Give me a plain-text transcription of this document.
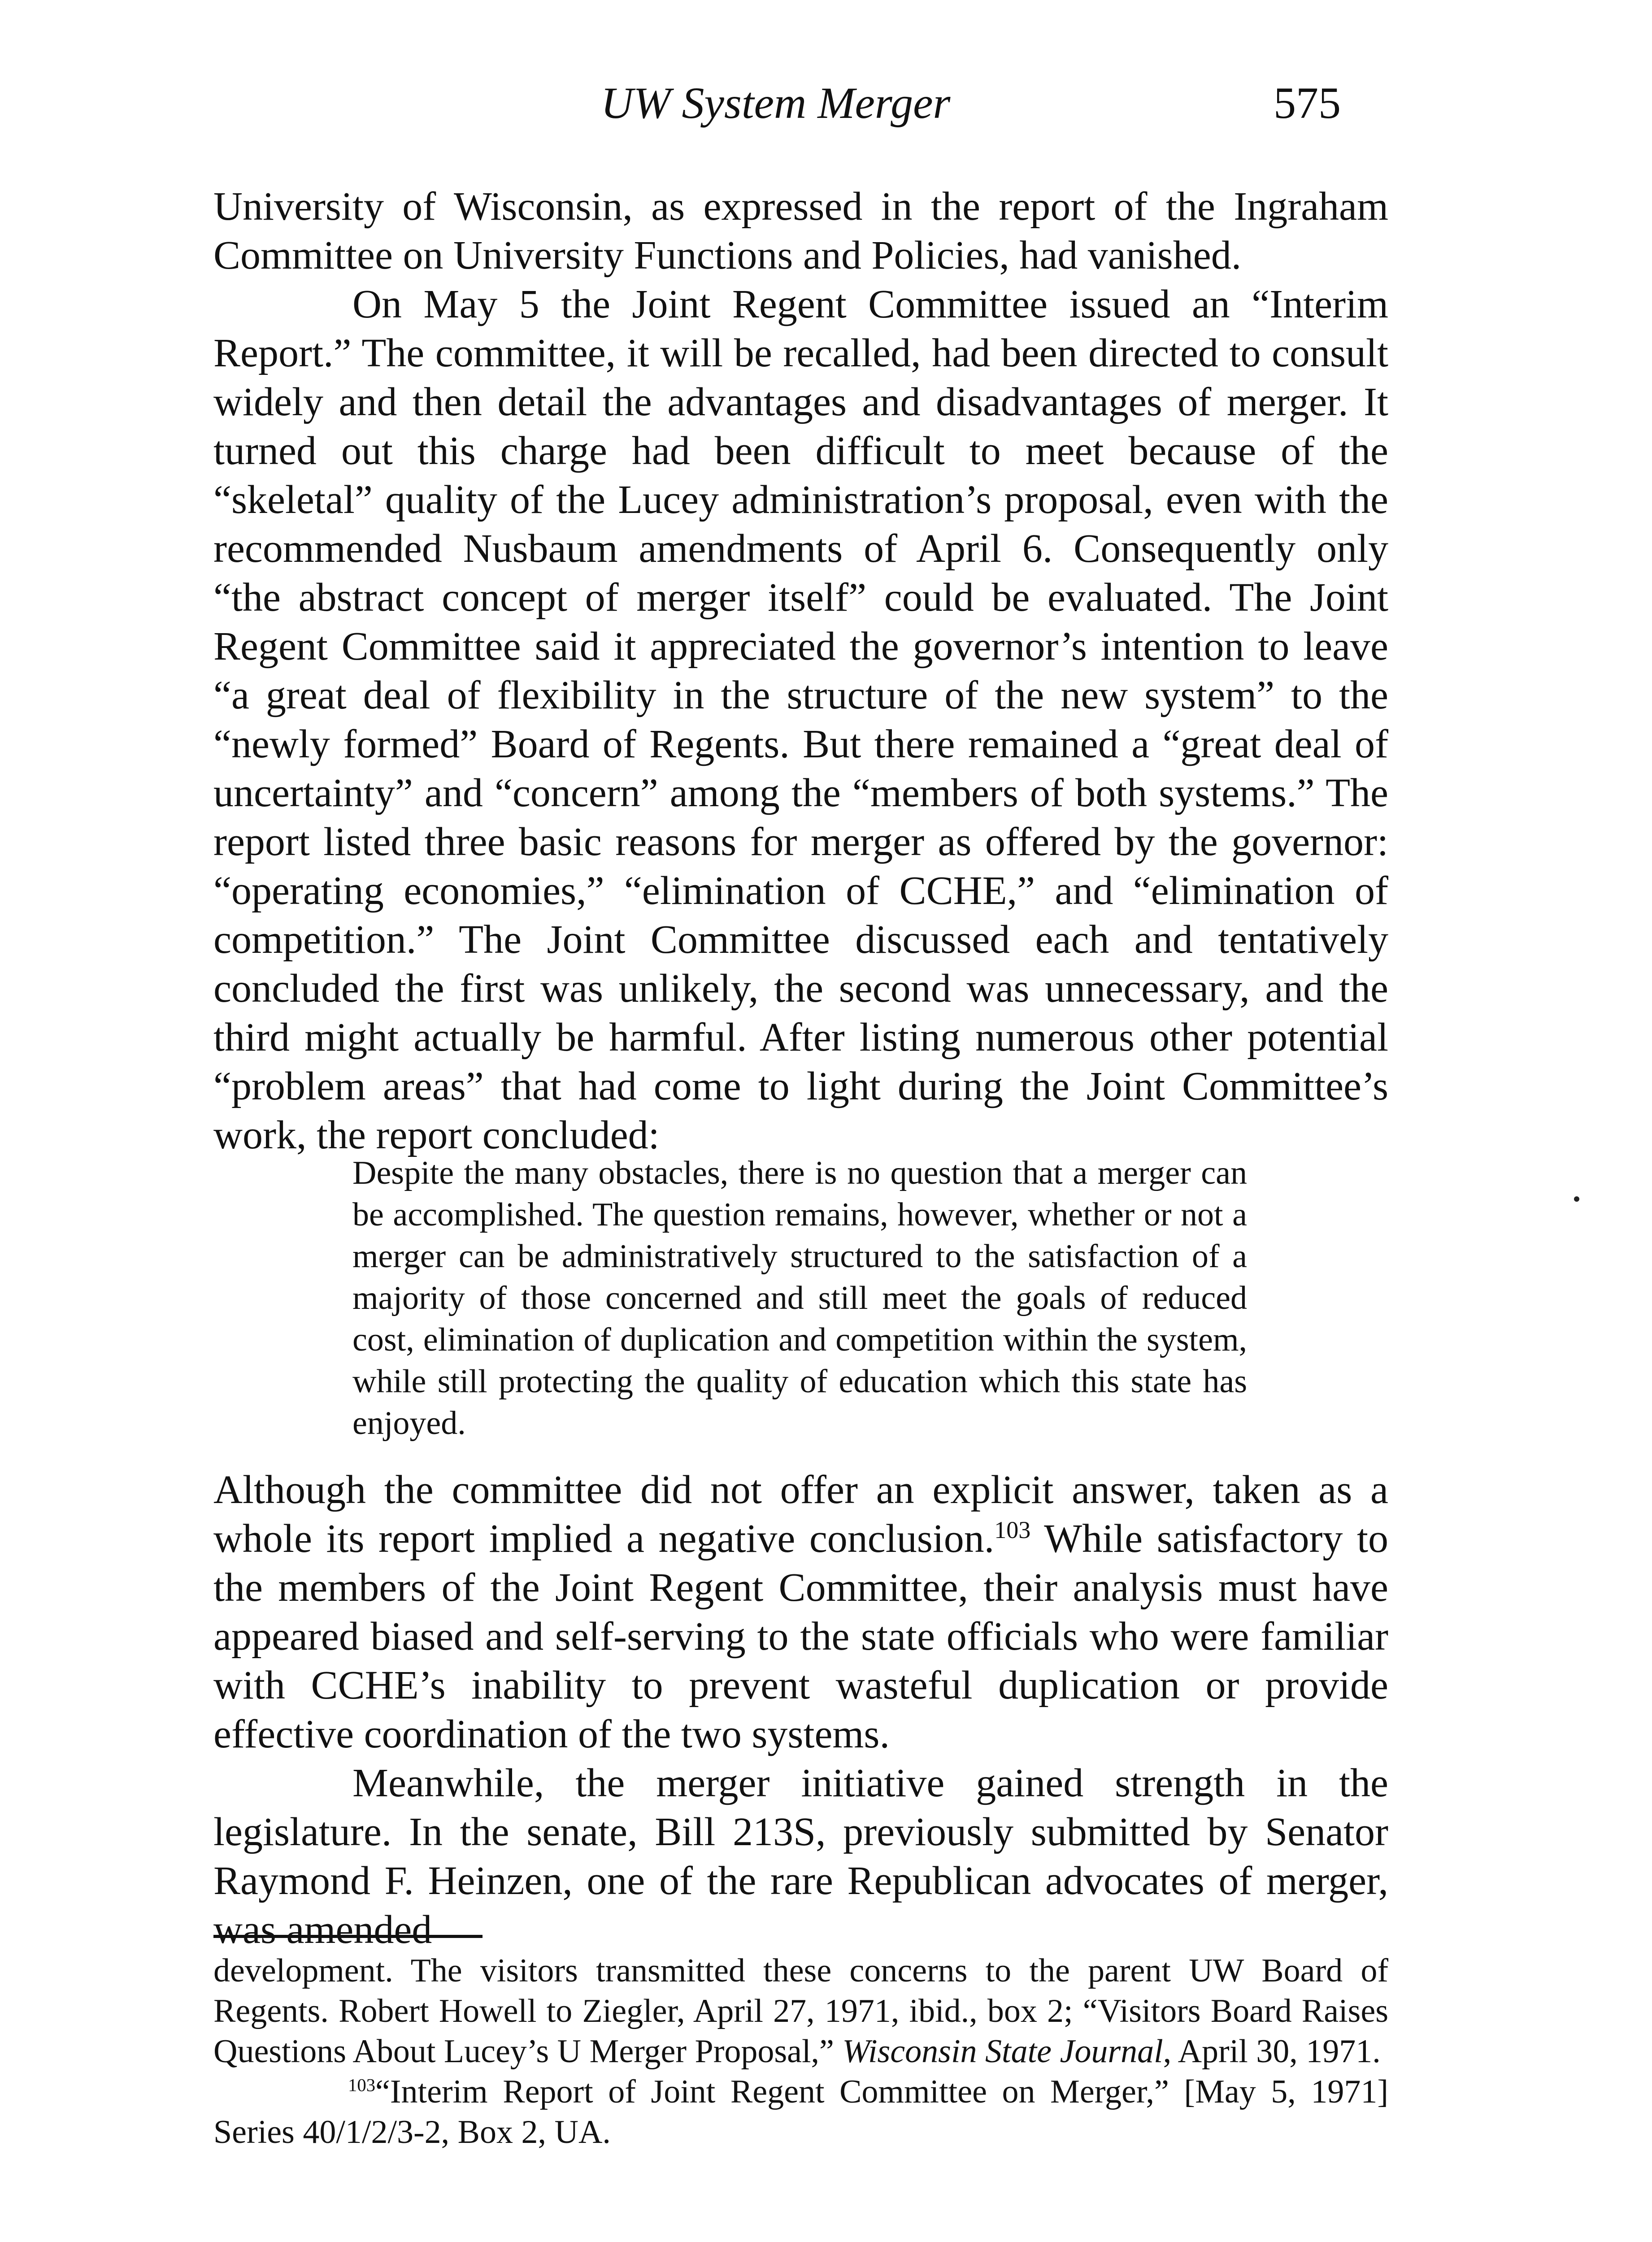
UW System Merger	575

University of Wisconsin, as expressed in the report of the Ingraham Committee on University Functions and Policies, had vanished.

On May 5 the Joint Regent Committee issued an “Interim Report.” The committee, it will be recalled, had been directed to consult widely and then detail the advantages and disadvantages of merger. It turned out this charge had been difficult to meet because of the “skeletal” quality of the Lucey administration’s proposal, even with the recommended Nusbaum amendments of April 6. Consequently only “the abstract concept of merger itself” could be evaluated. The Joint Regent Committee said it appreciated the governor’s intention to leave “a great deal of flexibility in the structure of the new system” to the “newly formed” Board of Regents. But there remained a “great deal of uncertainty” and “concern” among the “members of both systems.” The report listed three basic reasons for merger as offered by the governor: “operating economies,” “elimination of CCHE,” and “elimination of competition.” The Joint Committee discussed each and tentatively concluded the first was unlikely, the second was unnecessary, and the third might actually be harmful. After listing numerous other potential “problem areas” that had come to light during the Joint Committee’s work, the report concluded:

Despite the many obstacles, there is no question that a merger can be accomplished. The question remains, however, whether or not a merger can be administratively structured to the satisfaction of a majority of those concerned and still meet the goals of reduced cost, elimination of duplication and competition within the system, while still protecting the quality of education which this state has enjoyed.

Although the committee did not offer an explicit answer, taken as a whole its report implied a negative conclusion.$^{103}$ While satisfactory to the members of the Joint Regent Committee, their analysis must have appeared biased and self-serving to the state officials who were familiar with CCHE’s inability to prevent wasteful duplication or provide effective coordination of the two systems.

Meanwhile, the merger initiative gained strength in the legislature. In the senate, Bill 213S, previously submitted by Senator Raymond F. Heinzen, one of the rare Republican advocates of merger, was amended

development. The visitors transmitted these concerns to the parent UW Board of Regents. Robert Howell to Ziegler, April 27, 1971, ibid., box 2; “Visitors Board Raises Questions About Lucey’s U Merger Proposal,” Wisconsin State Journal, April 30, 1971.

$^{103}$“Interim Report of Joint Regent Committee on Merger,” [May 5, 1971] Series 40/1/2/3-2, Box 2, UA.
